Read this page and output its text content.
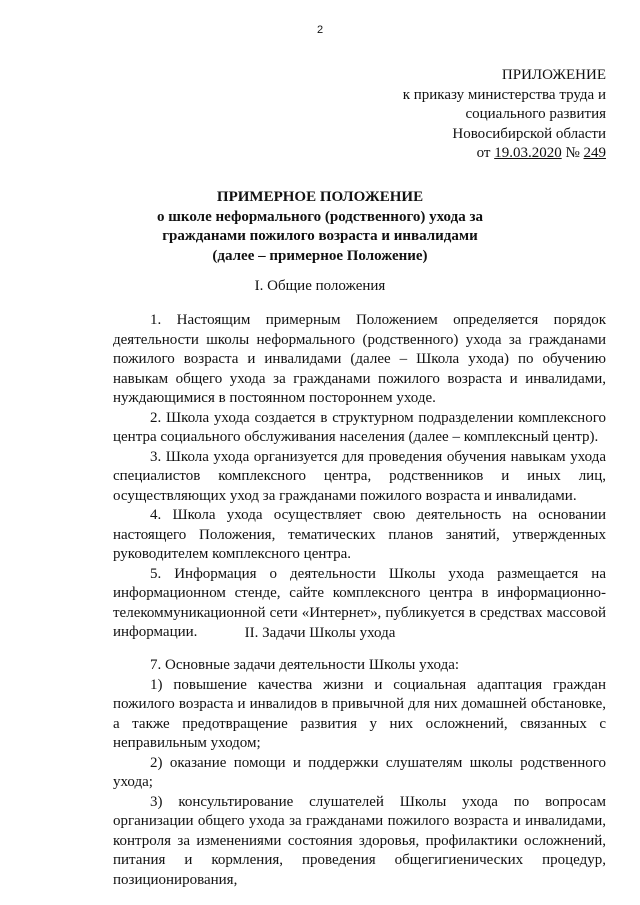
2
ПРИЛОЖЕНИЕ
к приказу министерства труда и
социального развития
Новосибирской области
от 19.03.2020 № 249
ПРИМЕРНОЕ ПОЛОЖЕНИЕ
о школе неформального (родственного) ухода за
гражданами пожилого возраста и инвалидами
(далее – примерное Положение)
I. Общие положения

1. Настоящим примерным Положением определяется порядок деятельности школы неформального (родственного) ухода за гражданами пожилого возраста и инвалидами (далее – Школа ухода) по обучению навыкам общего ухода за гражданами пожилого возраста и инвалидами, нуждающимися в постоянном постороннем уходе.

2. Школа ухода создается в структурном подразделении комплексного центра социального обслуживания населения (далее – комплексный центр).

3. Школа ухода организуется для проведения обучения навыкам ухода специалистов комплексного центра, родственников и иных лиц, осуществляющих уход за гражданами пожилого возраста и инвалидами.

4. Школа ухода осуществляет свою деятельность на основании настоящего Положения, тематических планов занятий, утвержденных руководителем комплексного центра.

5. Информация о деятельности Школы ухода размещается на информационном стенде, сайте комплексного центра в информационно-телекоммуникационной сети «Интернет», публикуется в средствах массовой информации.	II. Задачи Школы ухода

7. Основные задачи деятельности Школы ухода:

1) повышение качества жизни и социальная адаптация граждан пожилого возраста и инвалидов в привычной для них домашней обстановке, а также предотвращение развития у них осложнений, связанных с неправильным уходом;

2) оказание помощи и поддержки слушателям школы родственного ухода;

3) консультирование слушателей Школы ухода по вопросам организации общего ухода за гражданами пожилого возраста и инвалидами, контроля за изменениями состояния здоровья, профилактики осложнений, питания и кормления, проведения общегигиенических процедур, позиционирования,
